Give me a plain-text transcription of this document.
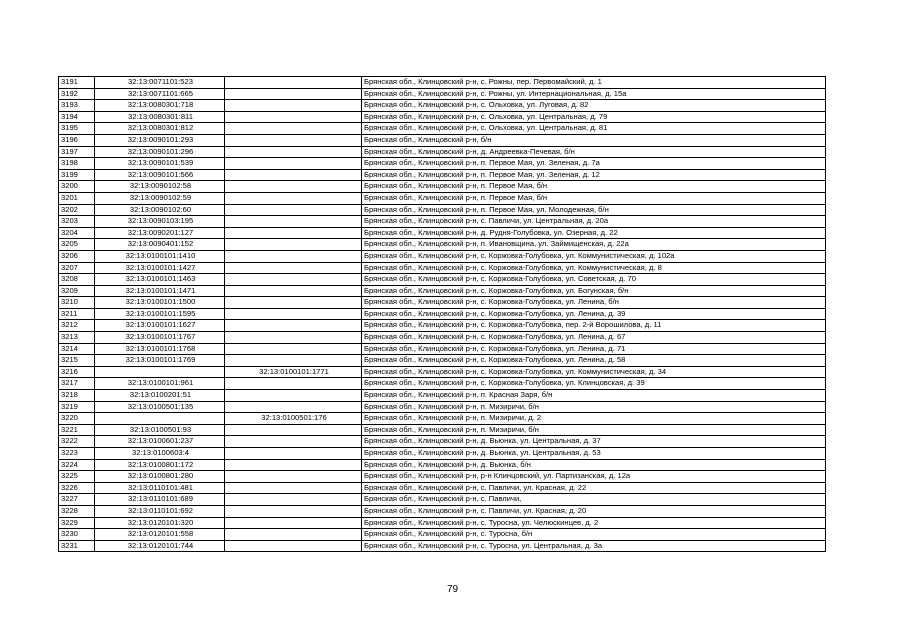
3191	32:13:0071101:523		Брянская обл., Клинцовский р-н, с. Рожны, пер. Первомайский, д. 1
3192	32:13:0071101:665		Брянская обл., Клинцовский р-н, с. Рожны, ул. Интернациональная, д. 15а
3193	32:13:0080301:718		Брянская обл., Клинцовский р-н, с. Ольховка, ул. Луговая, д. 82
3194	32:13:0080301:811		Брянская обл., Клинцовский р-н, с. Ольховка, ул. Центральная, д. 79
3195	32:13:0080301:812		Брянская обл., Клинцовский р-н, с. Ольховка, ул. Центральная, д. 81
3196	32:13:0090101:293		Брянская обл., Клинцовский р-н, б/н
3197	32:13:0090101:296		Брянская обл., Клинцовский р-н, д. Андреевка-Печевая, б/н
3198	32:13:0090101:539		Брянская обл., Клинцовский р-н, п. Первое Мая, ул. Зеленая, д. 7а
3199	32:13:0090101:566		Брянская обл., Клинцовский р-н, п. Первое Мая, ул. Зеленая, д. 12
3200	32:13:0090102:58		Брянская обл., Клинцовский р-н, п. Первое Мая, б/н
3201	32:13:0090102:59		Брянская обл., Клинцовский р-н, п. Первое Мая, б/н
3202	32:13:0090102:60		Брянская обл., Клинцовский р-н, п. Первое Мая, ул. Молодежная, б/н
3203	32:13:0090103:195		Брянская обл., Клинцовский р-н, с. Павличи, ул. Центральная, д. 20а
3204	32:13:0090201:127		Брянская обл., Клинцовский р-н, д. Рудня-Голубовка, ул. Озерная, д. 22
3205	32:13:0090401:152		Брянская обл., Клинцовский р-н, п. Ивановщина, ул. Займищенская, д. 22а
3206	32:13:0100101:1410		Брянская обл., Клинцовский р-н, с. Коржовка-Голубовка, ул. Коммунистическая, д. 102а
3207	32:13:0100101:1427		Брянская обл., Клинцовский р-н, с. Коржовка-Голубовка, ул. Коммунистическая, д. 8
3208	32:13:0100101:1463		Брянская обл., Клинцовский р-н, с. Коржовка-Голубовка, ул. Советская, д. 70
3209	32:13:0100101:1471		Брянская обл., Клинцовский р-н, с. Коржовка-Голубовка, ул. Богунская, б/н
3210	32:13:0100101:1500		Брянская обл., Клинцовский р-н, с. Коржовка-Голубовка, ул. Ленина, б/н
3211	32:13:0100101:1595		Брянская обл., Клинцовский р-н, с. Коржовка-Голубовка, ул. Ленина, д. 39
3212	32:13:0100101:1627		Брянская обл., Клинцовский р-н, с. Коржовка-Голубовка, пер. 2-й Ворошилова, д. 11
3213	32:13:0100101:1767		Брянская обл., Клинцовский р-н, с. Коржовка-Голубовка, ул. Ленина, д. 67
3214	32:13:0100101:1768		Брянская обл., Клинцовский р-н, с. Коржовка-Голубовка, ул. Ленина, д. 71
3215	32:13:0100101:1769		Брянская обл., Клинцовский р-н, с. Коржовка-Голубовка, ул. Ленина, д. 58
3216		32:13:0100101:1771	Брянская обл., Клинцовский р-н, с. Коржовка-Голубовка, ул. Коммунистическая, д. 34
3217	32:13:0100101:961		Брянская обл., Клинцовский р-н, с. Коржовка-Голубовка, ул. Клинцовская, д. 39
3218	32:13:0100201:51		Брянская обл., Клинцовский р-н, п. Красная Заря, б/н
3219	32:13:0100501:135		Брянская обл., Клинцовский р-н, п. Мизиричи, б/н
3220		32:13:0100501:176	Брянская обл., Клинцовский р-н, п. Мизиричи, д. 2
3221	32:13:0100501:93		Брянская обл., Клинцовский р-н, п. Мизиричи, б/н
3222	32:13:0100601:237		Брянская обл., Клинцовский р-н, д. Вьюнка, ул. Центральная, д. 37
3223	32:13:0100603:4		Брянская обл., Клинцовский р-н, д. Вьюнка, ул. Центральная, д. 53
3224	32:13:0100801:172		Брянская обл., Клинцовский р-н, д. Вьюнка, б/н
3225	32:13:0100801:280		Брянская обл., Клинцовский р-н, р-н Клинцовский, ул. Партизанская, д. 12а
3226	32:13:0110101:481		Брянская обл., Клинцовский р-н, с. Павличи, ул. Красная, д. 22
3227	32:13:0110101:689		Брянская обл., Клинцовский р-н, с. Павличи,
3228	32:13:0110101:692		Брянская обл., Клинцовский р-н, с. Павличи, ул. Красная, д. 20
3229	32:13:0120101:320		Брянская обл., Клинцовский р-н, с. Туросна, ул. Челюскинцев, д. 2
3230	32:13:0120101:558		Брянская обл., Клинцовский р-н, с. Туросна, б/н
3231	32:13:0120101:744		Брянская обл., Клинцовский р-н, с. Туросна, ул. Центральная, д. 3а
79
